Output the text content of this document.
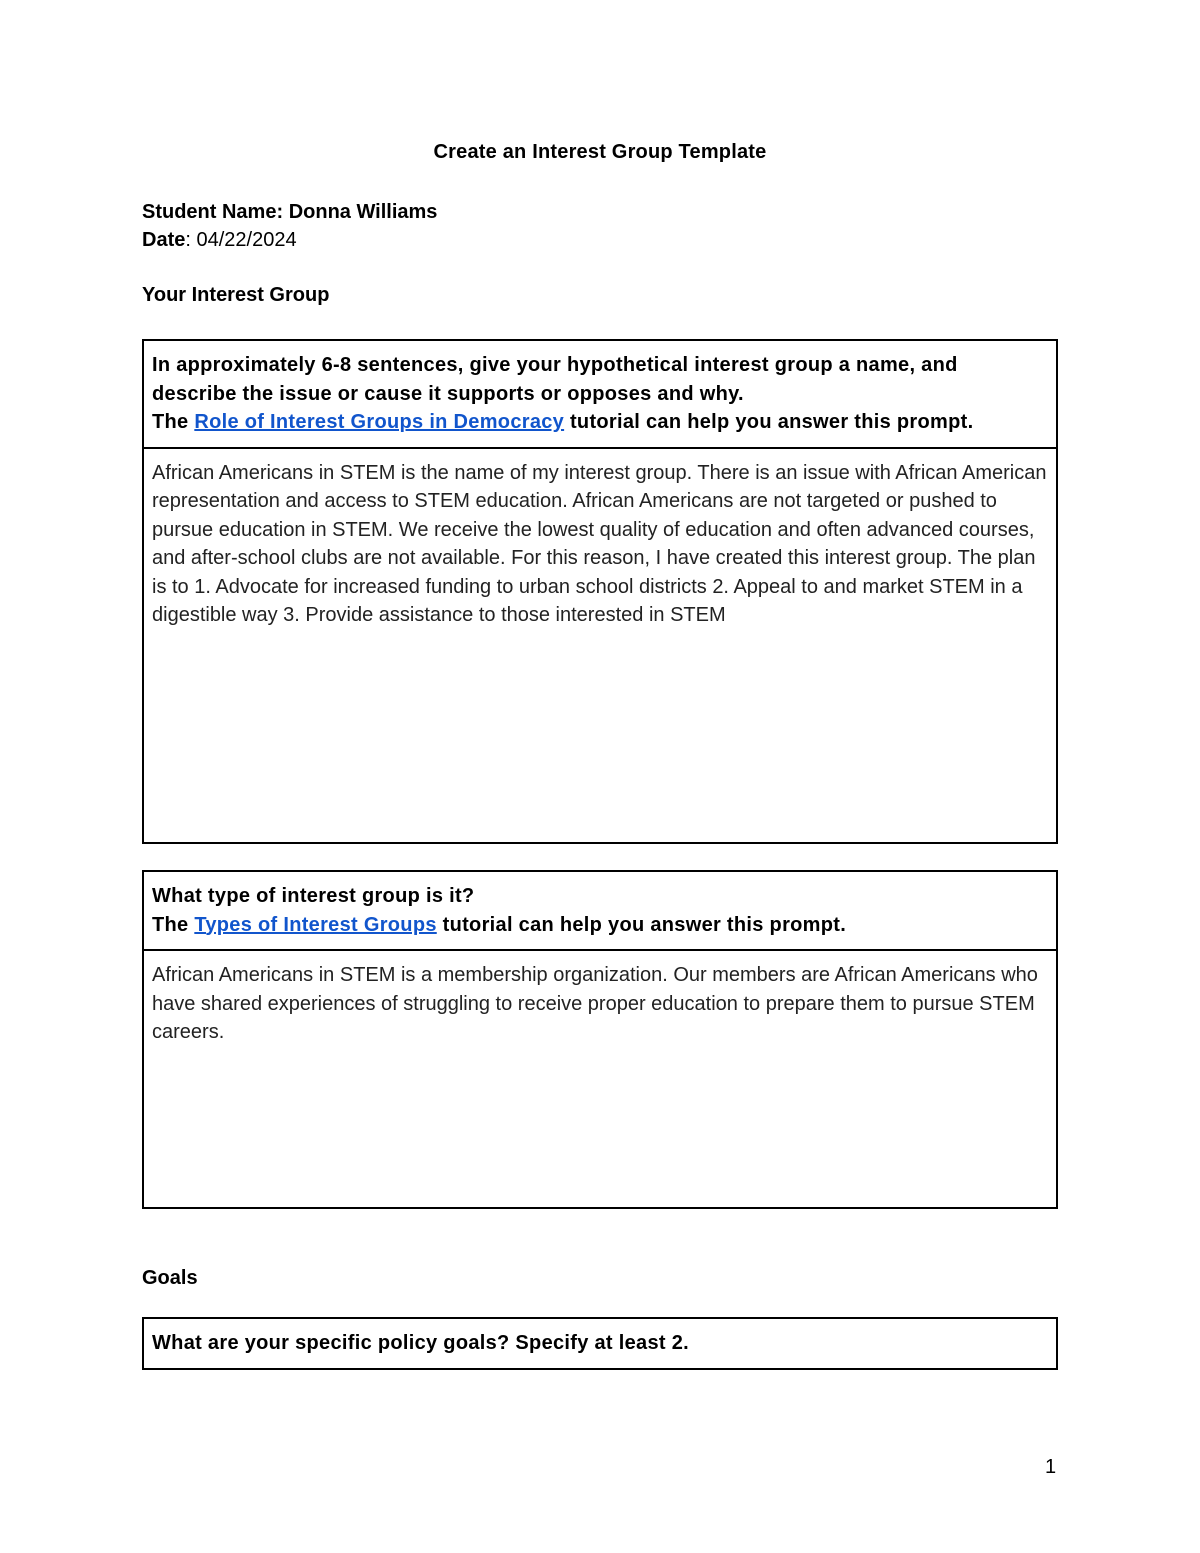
Create an Interest Group Template
Student Name: Donna Williams
Date: 04/22/2024
Your Interest Group
In approximately 6-8 sentences, give your hypothetical interest group a name, and describe the issue or cause it supports or opposes and why.
The Role of Interest Groups in Democracy tutorial can help you answer this prompt.
African Americans in STEM is the name of my interest group. There is an issue with African American representation and access to STEM education. African Americans are not targeted or pushed to pursue education in STEM. We receive the lowest quality of education and often advanced courses, and after-school clubs are not available. For this reason, I have created this interest group. The plan is to 1. Advocate for increased funding to urban school districts 2. Appeal to and market STEM in a digestible way 3. Provide assistance to those interested in STEM
What type of interest group is it?
The Types of Interest Groups tutorial can help you answer this prompt.
African Americans in STEM is a membership organization. Our members are African Americans who have shared experiences of struggling to receive proper education to prepare them to pursue STEM careers.
Goals
What are your specific policy goals? Specify at least 2.
1
